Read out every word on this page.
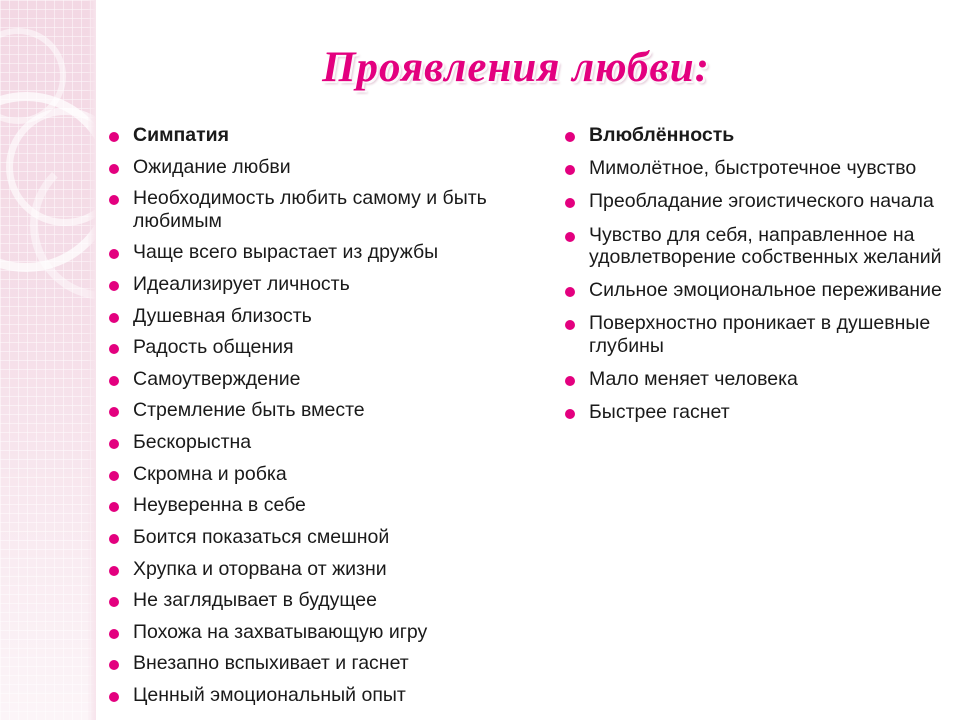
Проявления любви:
Симпатия
Ожидание любви
Необходимость любить самому и быть любимым
Чаще всего вырастает из дружбы
Идеализирует личность
Душевная близость
Радость общения
Самоутверждение
Стремление быть вместе
Бескорыстна
Скромна и робка
Неуверенна в себе
Боится показаться смешной
Хрупка и оторвана от жизни
Не заглядывает в будущее
Похожа на захватывающую игру
Внезапно вспыхивает и гаснет
Ценный эмоциональный опыт
Влюблённость
Мимолётное, быстротечное чувство
Преобладание эгоистического начала
Чувство для себя, направленное на удовлетворение собственных желаний
Сильное эмоциональное переживание
Поверхностно проникает в душевные глубины
Мало меняет человека
Быстрее гаснет
